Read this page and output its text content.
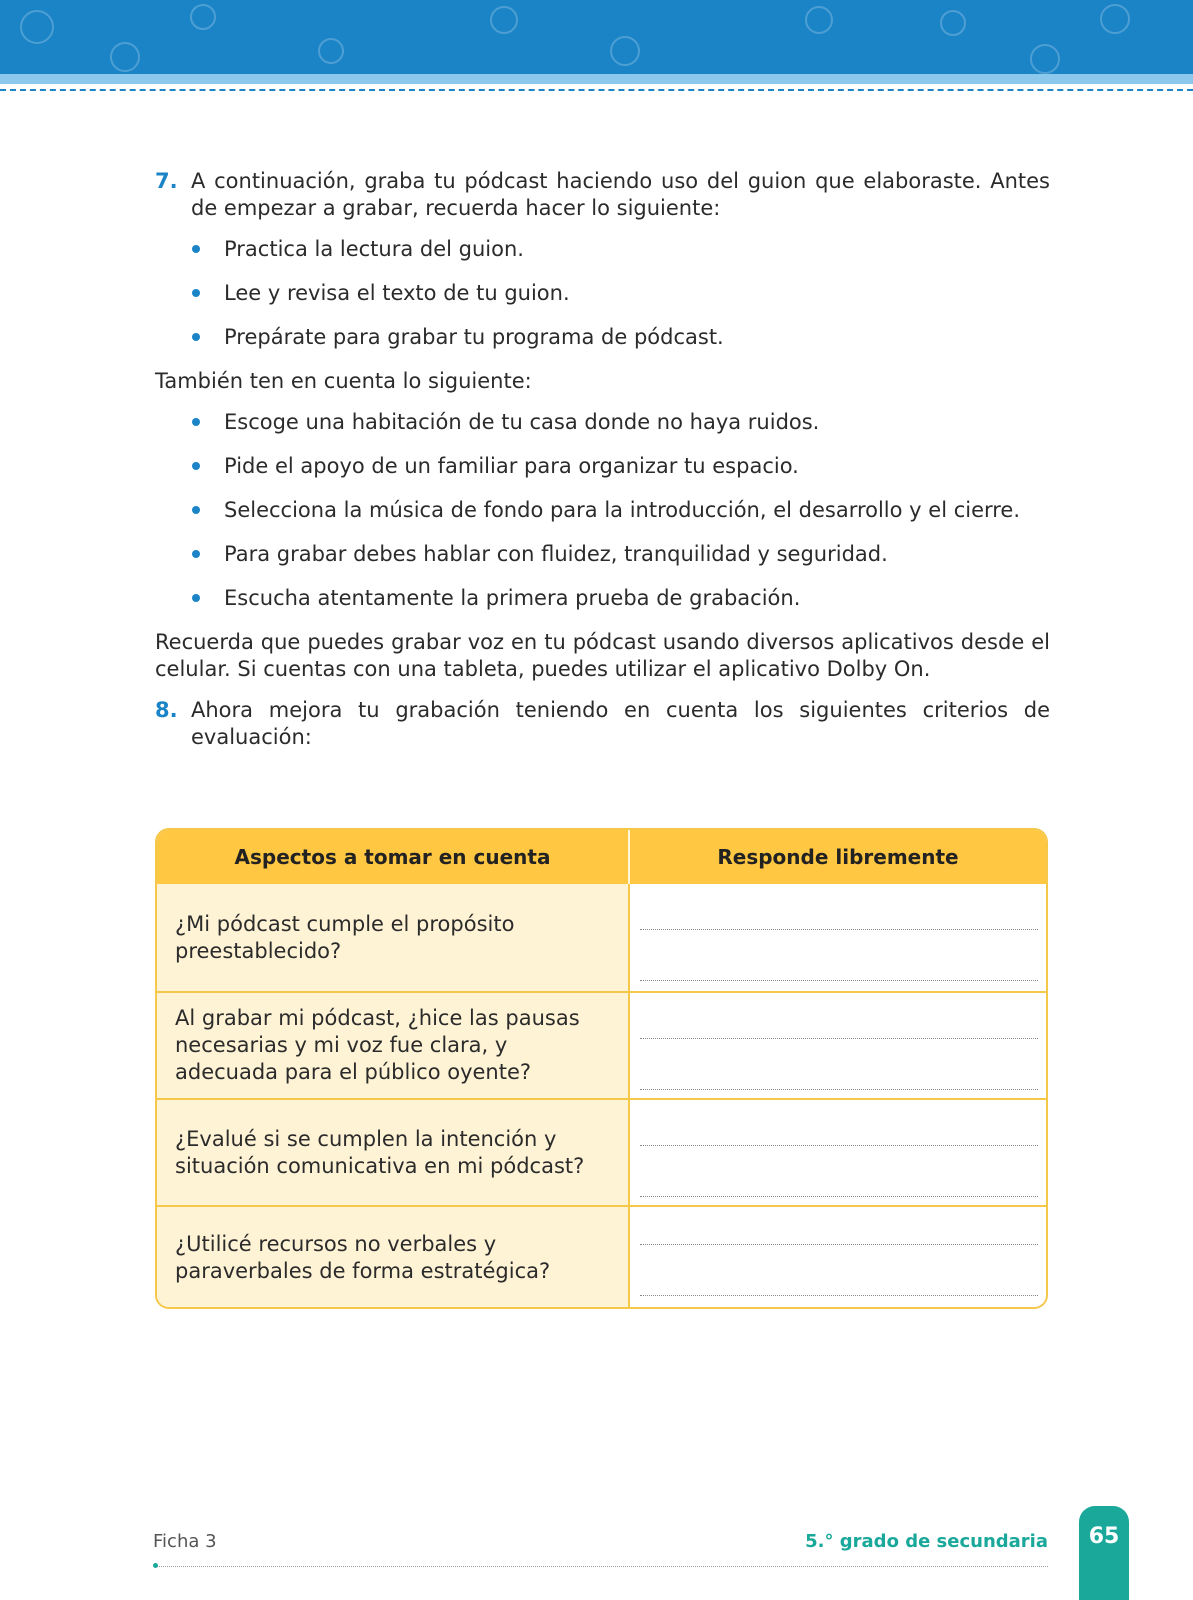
7. A continuación, graba tu pódcast haciendo uso del guion que elaboraste. Antes de empezar a grabar, recuerda hacer lo siguiente:
Practica la lectura del guion.
Lee y revisa el texto de tu guion.
Prepárate para grabar tu programa de pódcast.

También ten en cuenta lo siguiente:

Escoge una habitación de tu casa donde no haya ruidos.
Pide el apoyo de un familiar para organizar tu espacio.
Selecciona la música de fondo para la introducción, el desarrollo y el cierre.
Para grabar debes hablar con fluidez, tranquilidad y seguridad.
Escucha atentamente la primera prueba de grabación.

Recuerda que puedes grabar voz en tu pódcast usando diversos aplicativos desde el celular. Si cuentas con una tableta, puedes utilizar el aplicativo Dolby On.

8. Ahora mejora tu grabación teniendo en cuenta los siguientes criterios de evaluación:
Aspectos a tomar en cuenta	Responde libremente
¿Mi pódcast cumple el propósito preestablecido?
Al grabar mi pódcast, ¿hice las pausas necesarias y mi voz fue clara, y adecuada para el público oyente?
¿Evalué si se cumplen la intención y situación comunicativa en mi pódcast?
¿Utilicé recursos no verbales y paraverbales de forma estratégica?
Ficha 3	5.° grado de secundaria	65
